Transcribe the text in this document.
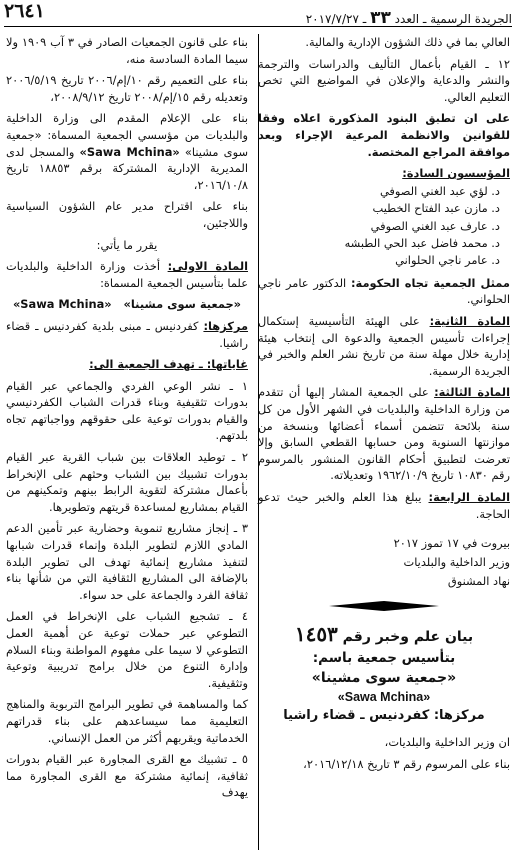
٢٦٤١	الجريدة الرسمية ـ العدد ٣٣ ـ ٢٠١٧/٧/٢٧

العالي بما في ذلك الشؤون الإدارية والمالية.

١٢ ـ القيام بأعمال التأليف والدراسات والترجمة والنشر والدعاية والإعلان في المواضيع التي تخص التعليم العالي.

على ان تطبق البنود المذكورة اعلاه وفقا للقوانين والانظمة المرعية الإجراء وبعد موافقة المراجع المختصة.

المؤسسون السادة:

د. لؤي عبد الغني الصوفي
د. مازن عبد الفتاح الخطيب
د. عارف عبد الغني الصوفي
د. محمد فاضل عبد الحي الطبشه
د. عامر ناجي الحلواني

ممثل الجمعية تجاه الحكومة: الدكتور عامر ناجي الحلواني.

المادة الثانية: على الهيئة التأسيسية إستكمال إجراءات تأسيس الجمعية والدعوة الى إنتخاب هيئة إدارية خلال مهلة سنة من تاريخ نشر العلم والخبر في الجريدة الرسمية.

المادة الثالثة: على الجمعية المشار إليها أن تتقدم من وزارة الداخلية والبلديات في الشهر الأول من كل سنة بلائحة تتضمن أسماء أعضائها وبنسخة من موازنتها السنوية ومن حسابها القطعي السابق وإلا تعرضت لتطبيق أحكام القانون المنشور بالمرسوم رقم ١٠٨٣٠ تاريخ ١٩٦٢/١٠/٩ وتعديلاته.

المادة الرابعة: يبلغ هذا العلم والخبر حيث تدعو الحاجة.

بيروت في ١٧ تموز ٢٠١٧
وزير الداخلية والبلديات
نهاد المشنوق
بيان علم وخبر رقم ١٤٥٣
بتأسيس جمعية باسم:
«جمعية سوى مشينا»
«Sawa Mchina»
مركزها: كفردنيس ـ قضاء راشيا

ان وزير الداخلية والبلديات،

بناء على المرسوم رقم ٣ تاريخ ٢٠١٦/١٢/١٨،

بناء على قانون الجمعيات الصادر في ٣ آب ١٩٠٩ ولا سيما المادة السادسة منه،

بناء على التعميم رقم ١٠/إم/٢٠٠٦ تاريخ ٢٠٠٦/٥/١٩ وتعديله رقم ١٥/إم/٢٠٠٨ تاريخ ٢٠٠٨/٩/١٢،

بناء على الإعلام المقدم الى وزارة الداخلية والبلديات من مؤسسي الجمعية المسماة: «جمعية سوى مشينا» «Sawa Mchina» والمسجل لدى المديرية الإدارية المشتركة برقم ١٨٨٥٣ تاريخ ٢٠١٦/١٠/٨،

بناء على اقتراح مدير عام الشؤون السياسية واللاجئين،

يقرر ما يأتي:

المادة الاولى: أخذت وزارة الداخلية والبلديات علما بتأسيس الجمعية المسماة:

«جمعية سوى مشينا»   «Sawa Mchina»

مركزها: كفردنيس ـ مبنى بلدية كفردنيس ـ قضاء راشيا.

غاياتها: ـ تهدف الجمعية الى:

١ ـ نشر الوعي الفردي والجماعي عبر القيام بدورات تثقيفية وبناء قدرات الشباب الكفردنيسي والقيام بدورات توعية على حقوقهم وواجباتهم تجاه بلدتهم.

٢ ـ توطيد العلاقات بين شباب القرية عبر القيام بدورات تشبيك بين الشباب وحثهم على الإنخراط بأعمال مشتركة لتقوية الرابط بينهم وتمكينهم من القيام بمشاريع لمساعدة قريتهم وتطويرها.

٣ ـ إنجاز مشاريع تنموية وحضارية عبر تأمين الدعم المادي اللازم لتطوير البلدة وإنماء قدرات شبابها لتنفيذ مشاريع إنمائية تهدف الى تطوير البلدة بالإضافة الى المشاريع الثقافية التي من شأنها بناء ثقافة الفرد والجماعة على حد سواء.

٤ ـ تشجيع الشباب على الإنخراط في العمل التطوعي عبر حملات توعية عن أهمية العمل التطوعي لا سيما على مفهوم المواطنة وبناء السلام وإدارة التنوع من خلال برامج تدريبية وتوعية وتثقيفية.

كما والمساهمة في تطوير البرامج التربوية والمناهج التعليمية مما سيساعدهم على بناء قدراتهم الخدماتية ويقربهم أكثر من العمل الإنساني.

٥ ـ تشبيك مع القرى المجاورة عبر القيام بدورات ثقافية، إنمائية مشتركة مع القرى المجاورة مما يهدف
